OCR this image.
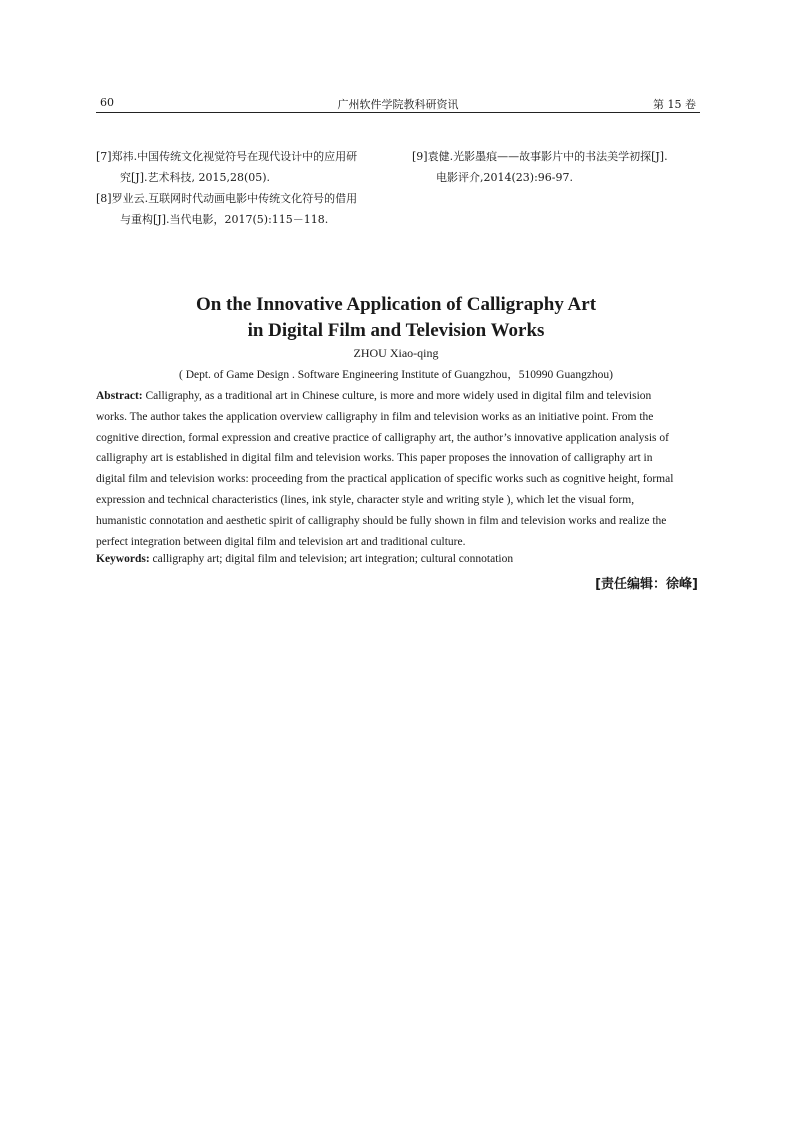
60	广州软件学院教科研资讯	第 15 卷
[7]郑祎.中国传统文化视觉符号在现代设计中的应用研
究[J].艺术科技, 2015,28(05).
[8]罗业云.互联网时代动画电影中传统文化符号的借用
与重构[J].当代电影，2017(5):115－118.
[9]袁健.光影墨痕——故事影片中的书法美学初探[J].
电影评介,2014(23):96-97.
On the Innovative Application of Calligraphy Art
in Digital Film and Television Works
ZHOU Xiao-qing
( Dept. of Game Design . Software Engineering Institute of Guangzhou，510990 Guangzhou)
Abstract: Calligraphy, as a traditional art in Chinese culture, is more and more widely used in digital film and television
works. The author takes the application overview calligraphy in film and television works as an initiative point. From the
cognitive direction, formal expression and creative practice of calligraphy art, the author’s innovative application analysis of
calligraphy art is established in digital film and television works. This paper proposes the innovation of calligraphy art in
digital film and television works: proceeding from the practical application of specific works such as cognitive height, formal
expression and technical characteristics (lines, ink style, character style and writing style ), which let the visual form,
humanistic connotation and aesthetic spirit of calligraphy should be fully shown in film and television works and realize the
perfect integration between digital film and television art and traditional culture.
Keywords: calligraphy art; digital film and television; art integration; cultural connotation
[责任编辑：徐峰]
